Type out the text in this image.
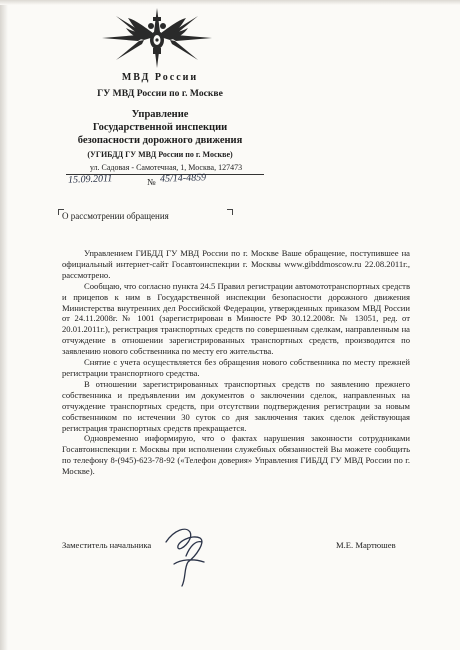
МВД России
ГУ МВД России по г. Москве
Управление
Государственной инспекции
безопасности дорожного движения
(УГИБДД ГУ МВД России по г. Москве)
ул. Садовая - Самотечная, 1, Москва, 127473
15.09.2011	№ 45/14-4859
О рассмотрении обращения

Управлением ГИБДД ГУ МВД России по г. Москве Ваше обращение, поступившее на официальный интернет-сайт Госавтоинспекции г. Москвы www.gibddmoscow.ru 22.08.2011г., рассмотрено.

Сообщаю, что согласно пункта 24.5 Правил регистрации автомототранспортных средств и прицепов к ним в Государственной инспекции безопасности дорожного движения Министерства внутренних дел Российской Федерации, утвержденных приказом МВД России от 24.11.2008г. № 1001 (зарегистрирован в Минюсте РФ 30.12.2008г. № 13051, ред. от 20.01.2011г.), регистрация транспортных средств по совершенным сделкам, направленным на отчуждение в отношении зарегистрированных транспортных средств, производится по заявлению нового собственника по месту его жительства.

Снятие с учета осуществляется без обращения нового собственника по месту прежней регистрации транспортного средства.

В отношении зарегистрированных транспортных средств по заявлению прежнего собственника и предъявлении им документов о заключении сделок, направленных на отчуждение транспортных средств, при отсутствии подтверждения регистрации за новым собственником по истечении 30 суток со дня заключения таких сделок действующая регистрация транспортных средств прекращается.

Одновременно информирую, что о фактах нарушения законности сотрудниками Госавтоинспекции г. Москвы при исполнении служебных обязанностей Вы можете сообщить по телефону 8-(945)-623-78-92 («Телефон доверия» Управления ГИБДД ГУ МВД России по г. Москве).

Заместитель начальника	М.Е. Мартюшев
